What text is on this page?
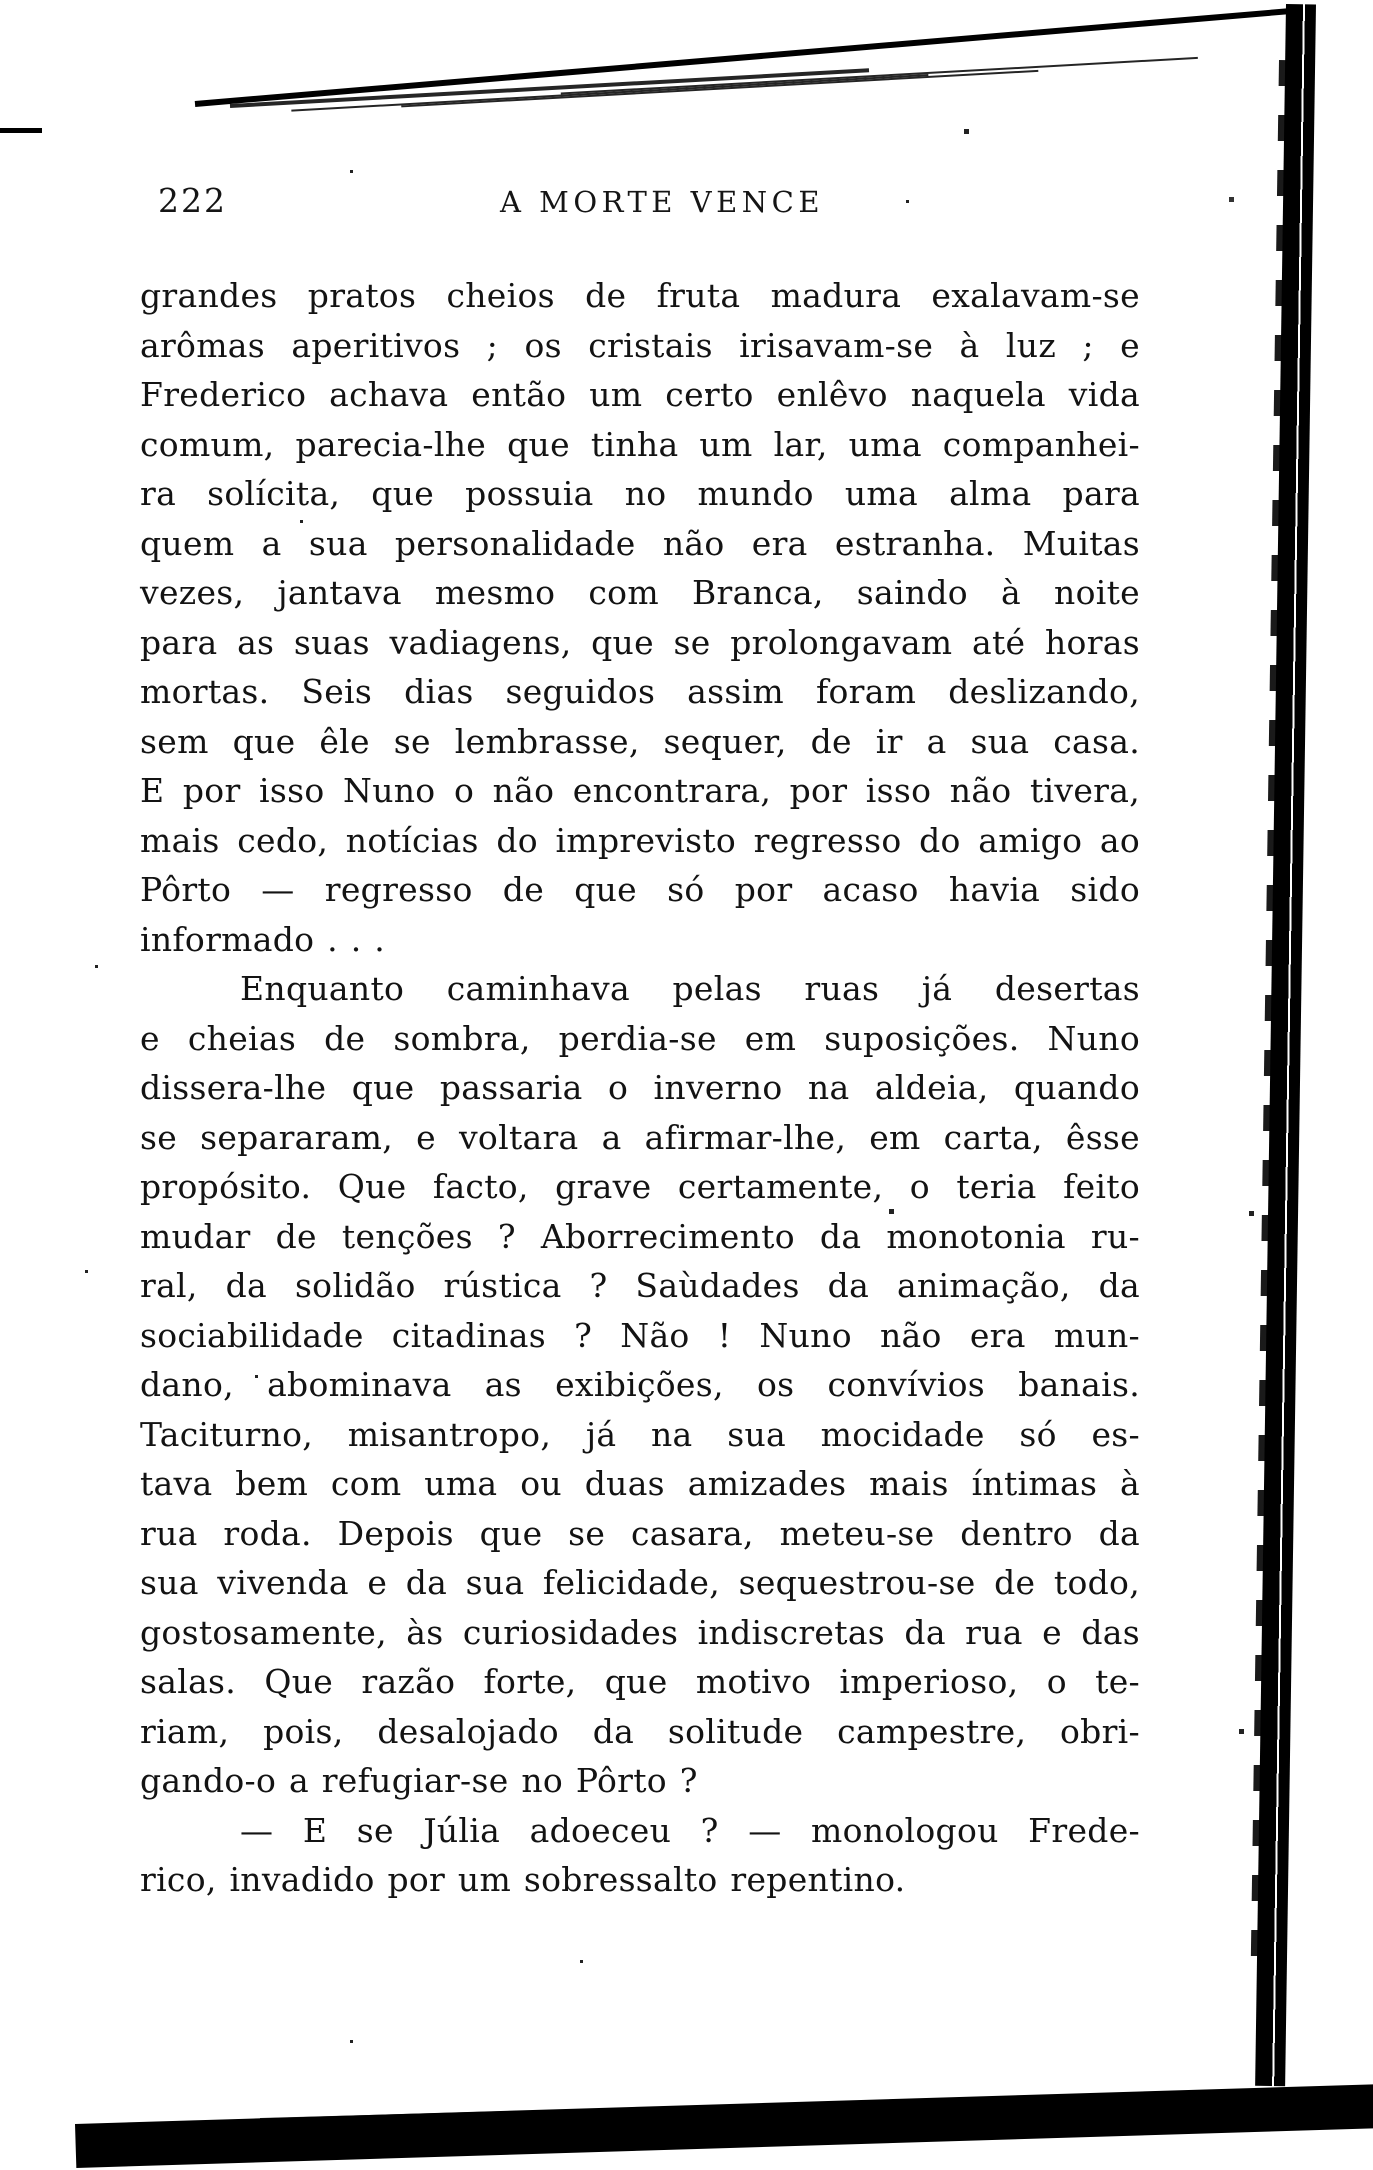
222	A MORTE VENCE
grandes pratos cheios de fruta madura exalavam-se
arômas aperitivos ; os cristais irisavam-se à luz ; e
Frederico achava então um certo enlêvo naquela vida
comum, parecia-lhe que tinha um lar, uma companhei-
ra solícita, que possuia no mundo uma alma para
quem a sua personalidade não era estranha. Muitas
vezes, jantava mesmo com Branca, saindo à noite
para as suas vadiagens, que se prolongavam até horas
mortas. Seis dias seguidos assim foram deslizando,
sem que êle se lembrasse, sequer, de ir a sua casa.
E por isso Nuno o não encontrara, por isso não tivera,
mais cedo, notícias do imprevisto regresso do amigo ao
Pôrto — regresso de que só por acaso havia sido
informado . . .
Enquanto caminhava pelas ruas já desertas
e cheias de sombra, perdia-se em suposições. Nuno
dissera-lhe que passaria o inverno na aldeia, quando
se separaram, e voltara a afirmar-lhe, em carta, êsse
propósito. Que facto, grave certamente, o teria feito
mudar de tenções ? Aborrecimento da monotonia ru-
ral, da solidão rústica ? Saùdades da animação, da
sociabilidade citadinas ? Não ! Nuno não era mun-
dano, abominava as exibições, os convívios banais.
Taciturno, misantropo, já na sua mocidade só es-
tava bem com uma ou duas amizades mais íntimas à
rua roda. Depois que se casara, meteu-se dentro da
sua vivenda e da sua felicidade, sequestrou-se de todo,
gostosamente, às curiosidades indiscretas da rua e das
salas. Que razão forte, que motivo imperioso, o te-
riam, pois, desalojado da solitude campestre, obri-
gando-o a refugiar-se no Pôrto ?
— E se Júlia adoeceu ? — monologou Frede-
rico, invadido por um sobressalto repentino.
